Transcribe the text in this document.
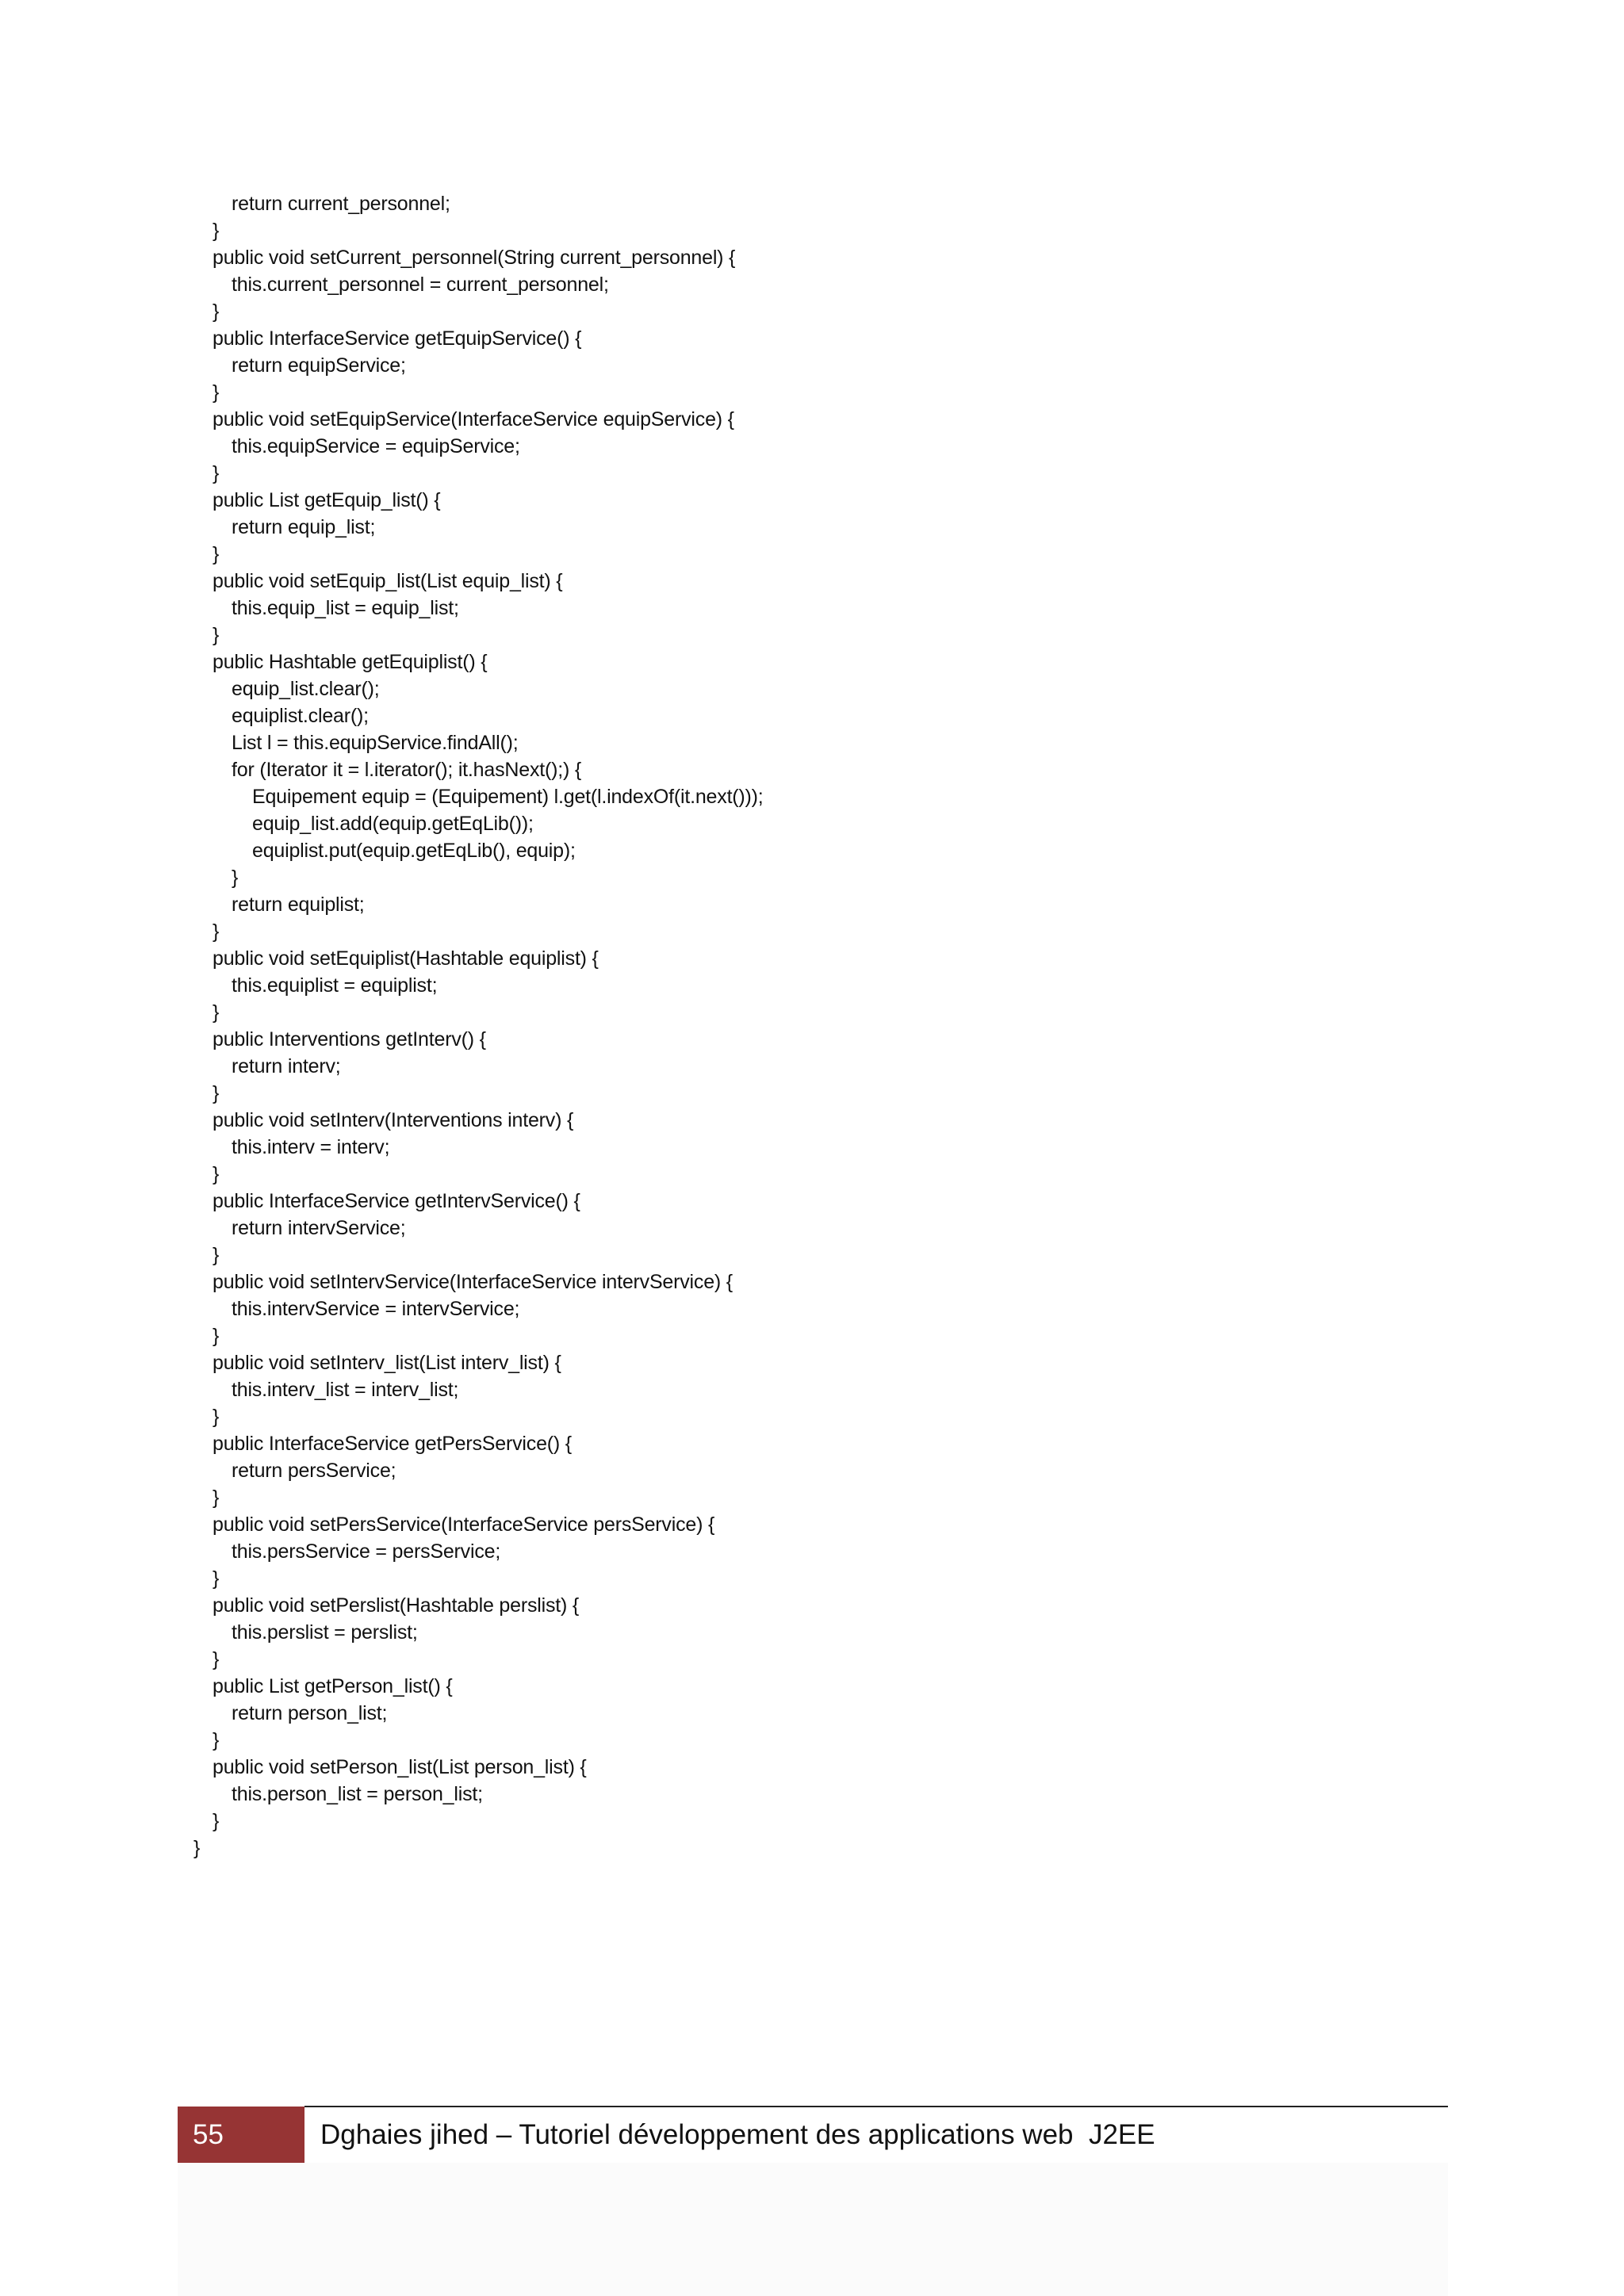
return current_personnel;
}
public void setCurrent_personnel(String current_personnel) {
this.current_personnel = current_personnel;
}
public InterfaceService getEquipService() {
return equipService;
}
public void setEquipService(InterfaceService equipService) {
this.equipService = equipService;
}
public List getEquip_list() {
return equip_list;
}
public void setEquip_list(List equip_list) {
this.equip_list = equip_list;
}
public Hashtable getEquiplist() {
equip_list.clear();
equiplist.clear();
List l = this.equipService.findAll();
for (Iterator it = l.iterator(); it.hasNext();) {
Equipement equip = (Equipement) l.get(l.indexOf(it.next()));
equip_list.add(equip.getEqLib());
equiplist.put(equip.getEqLib(), equip);
}
return equiplist;
}
public void setEquiplist(Hashtable equiplist) {
this.equiplist = equiplist;
}
public Interventions getInterv() {
return interv;
}
public void setInterv(Interventions interv) {
this.interv = interv;
}
public InterfaceService getIntervService() {
return intervService;
}
public void setIntervService(InterfaceService intervService) {
this.intervService = intervService;
}
public void setInterv_list(List interv_list) {
this.interv_list = interv_list;
}
public InterfaceService getPersService() {
return persService;
}
public void setPersService(InterfaceService persService) {
this.persService = persService;
}
public void setPerslist(Hashtable perslist) {
this.perslist = perslist;
}
public List getPerson_list() {
return person_list;
}
public void setPerson_list(List person_list) {
this.person_list = person_list;
}
}
55	Dghaies jihed – Tutoriel développement des applications web  J2EE
